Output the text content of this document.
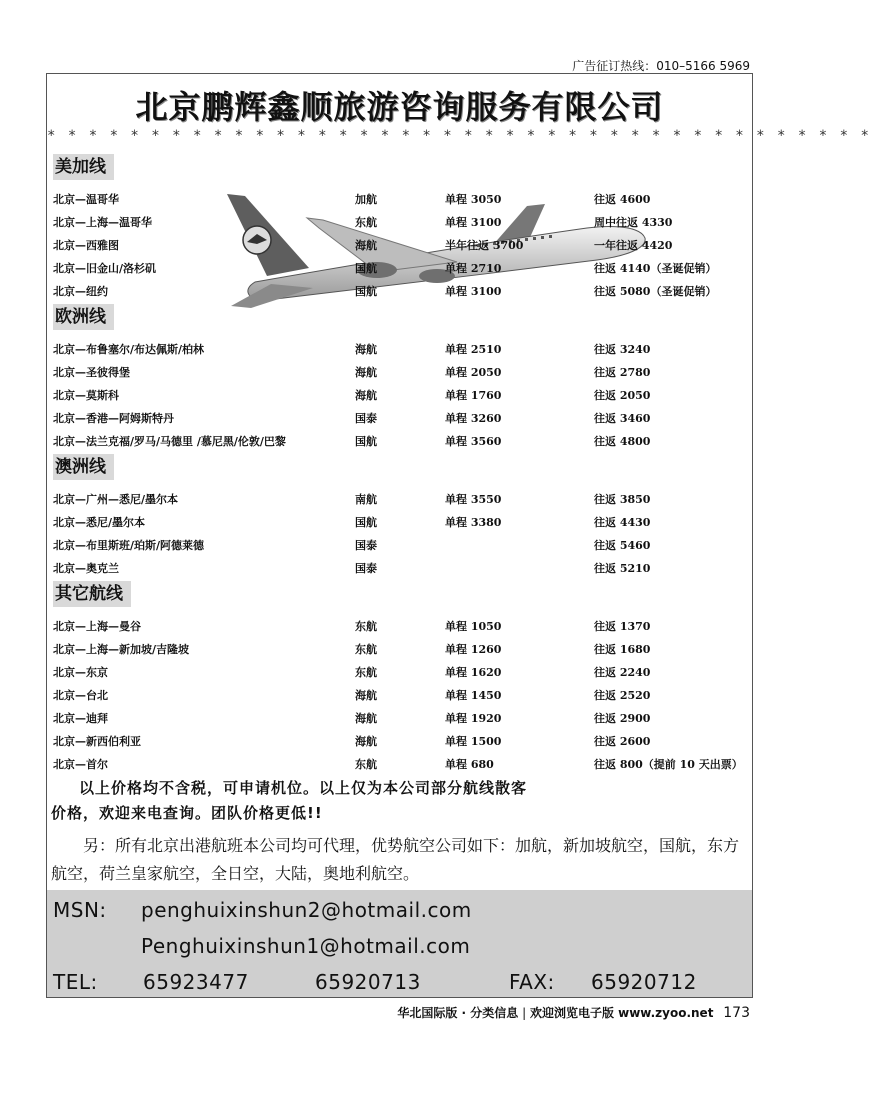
广告征订热线：010–5166 5969
北京鹏辉鑫顺旅游咨询服务有限公司
* * * * * * * * * * * * * * * * * * * * * * * * * * * * * * * * * * * * * * * *
美加线
北京—温哥华	加航	单程 3050	往返 4600
北京—上海—温哥华	东航	单程 3100	周中往返 4330
北京—西雅图	海航	半年往返 3700	一年往返 4420
北京—旧金山/洛杉矶	国航	单程 2710	往返 4140（圣诞促销）
北京—纽约	国航	单程 3100	往返 5080（圣诞促销）
欧洲线
北京—布鲁塞尔/布达佩斯/柏林	海航	单程 2510	往返 3240
北京—圣彼得堡	海航	单程 2050	往返 2780
北京—莫斯科	海航	单程 1760	往返 2050
北京—香港—阿姆斯特丹	国泰	单程 3260	往返 3460
北京—法兰克福/罗马/马德里 /慕尼黑/伦敦/巴黎	国航	单程 3560	往返 4800
澳洲线
北京—广州—悉尼/墨尔本	南航	单程 3550	往返 3850
北京—悉尼/墨尔本	国航	单程 3380	往返 4430
北京—布里斯班/珀斯/阿德莱德	国泰	往返 5460
北京—奥克兰	国泰	往返 5210
其它航线
北京—上海—曼谷	东航	单程 1050	往返 1370
北京—上海—新加坡/吉隆坡	东航	单程 1260	往返 1680
北京—东京	东航	单程 1620	往返 2240
北京—台北	海航	单程 1450	往返 2520
北京—迪拜	海航	单程 1920	往返 2900
北京—新西伯利亚	海航	单程 1500	往返 2600
北京—首尔	东航	单程 680	往返 800（提前 10 天出票）
以上价格均不含税，可申请机位。以上仅为本公司部分航线散客
价格，欢迎来电查询。团队价格更低!!

另：所有北京出港航班本公司均可代理，优势航空公司如下：加航，新加坡航空，国航，东方航空，荷兰皇家航空，全日空，大陆，奥地利航空。

MSN: penghuixinshun2@hotmail.com
Penghuixinshun1@hotmail.com
TEL: 65923477	65920713	FAX: 65920712
华北国际版 · 分类信息 | 欢迎浏览电子版 www.zyoo.net 173
